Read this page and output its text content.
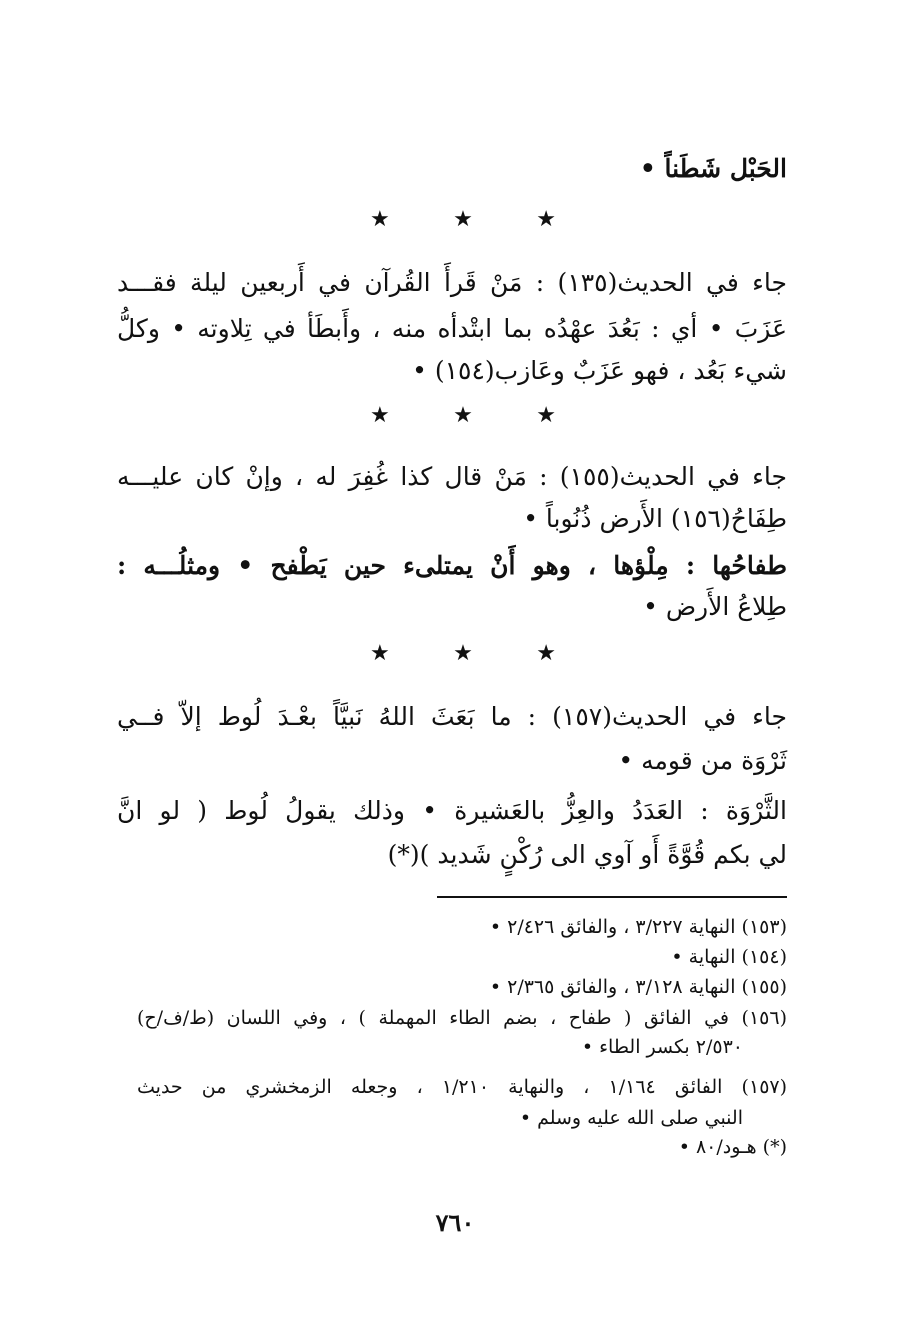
الحَبْل شَطَناً •
★	★	★
جاء في الحديث(١٣٥) : مَنْ قَرأَ القُرآن في أَربعين ليلة فقـــد
عَزَبَ • أي : بَعُدَ عهْدُه بما ابتْدأه منه ، وأَبطَأ في تِلاوته • وكلُّ
شيء بَعُد ، فهو عَزَبٌ وعَازب(١٥٤) •
★	★	★
جاء في الحديث(١٥٥) : مَنْ قال كذا غُفِرَ له ، وإنْ كان عليـــه
طِفَاحُ(١٥٦) الأَرض ذُنُوباً •
طفاحُها : مِلْؤها ، وهو أَنْ يمتلىء حين يَطْفح • ومثلُـــه :
طِلاعُ الأَرض •
★	★	★
جاء في الحديث(١٥٧) : ما بَعَثَ اللهُ نَبيَّاً بعْـدَ لُوط إلاّ فــي
ثَرْوَة من قومه •
الثَّرْوَة : العَدَدُ والعِزُّ بالعَشيرة • وذلك يقولُ لُوط ( لو انَّ
لي بكم قُوَّةً أَو آوي الى رُكْنٍ شَديد )(*)
(١٥٣) النهاية ٣/٢٢٧ ، والفائق ٢/٤٢٦ •
(١٥٤) النهاية •
(١٥٥) النهاية ٣/١٢٨ ، والفائق ٢/٣٦٥ •
(١٥٦) في الفائق ( طفاح ، بضم الطاء المهملة ) ، وفي اللسان (ط/ف/ح)
٢/٥٣٠ بكسر الطاء •
(١٥٧) الفائق ١/١٦٤ ، والنهاية ١/٢١٠ ، وجعله الزمخشري من حديث
النبي صلى الله عليه وسلم •
(*) هـود/٨٠ •
٧٦٠
